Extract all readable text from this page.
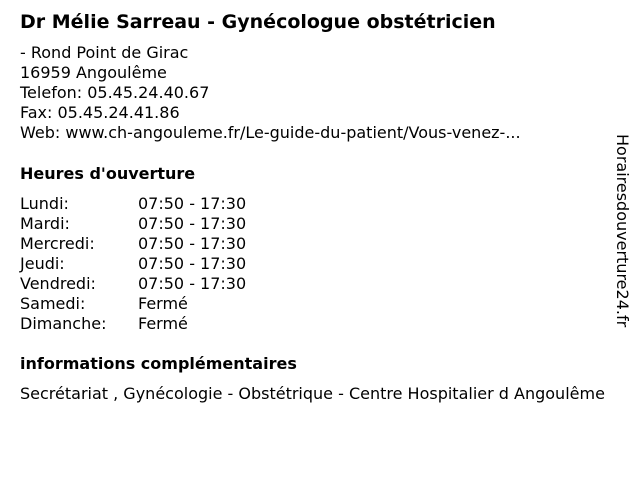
Dr Mélie Sarreau - Gynécologue obstétricien
- Rond Point de Girac
16959 Angoulême
Telefon: 05.45.24.40.67
Fax: 05.45.24.41.86
Web: www.ch-angouleme.fr/Le-guide-du-patient/Vous-venez-...
Heures d'ouverture
Lundi:	07:50 - 17:30
Mardi:	07:50 - 17:30
Mercredi:	07:50 - 17:30
Jeudi:	07:50 - 17:30
Vendredi:	07:50 - 17:30
Samedi:	Fermé
Dimanche:	Fermé
informations complémentaires
Secrétariat , Gynécologie - Obstétrique - Centre Hospitalier d Angoulême
Horairesdouverture24.fr
